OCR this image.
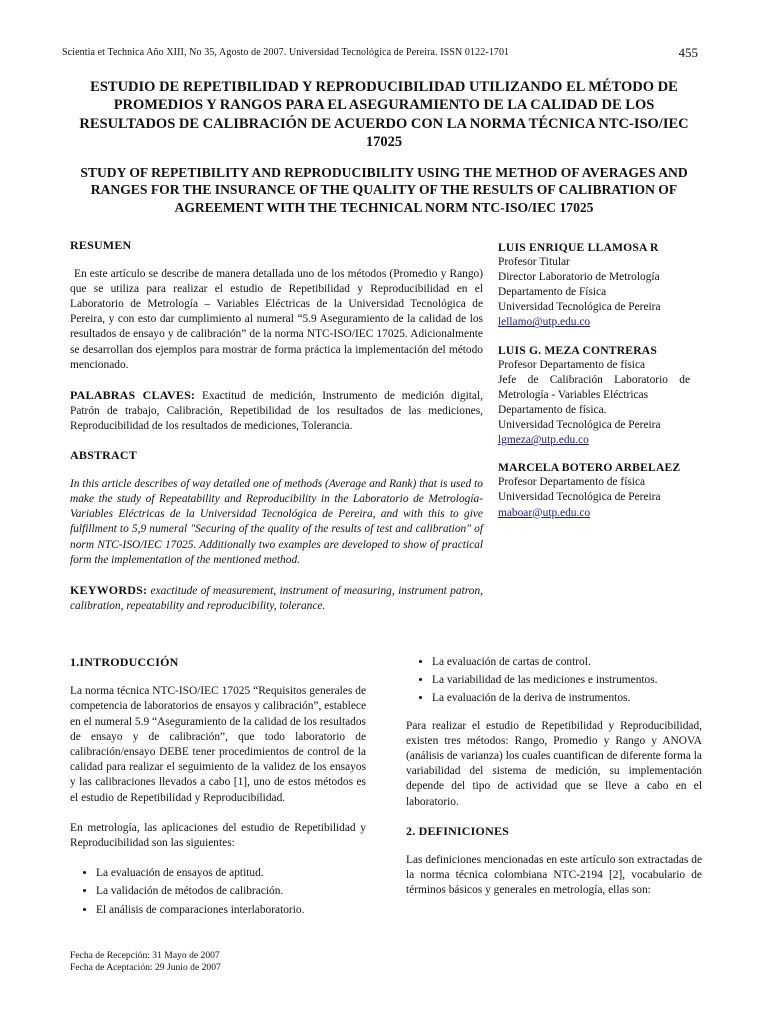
Scientia et Technica Año XIII, No 35, Agosto de 2007. Universidad Tecnológica de Pereira. ISSN 0122-1701	455
ESTUDIO DE REPETIBILIDAD Y REPRODUCIBILIDAD UTILIZANDO EL MÉTODO DE PROMEDIOS Y RANGOS PARA EL ASEGURAMIENTO DE LA CALIDAD DE LOS RESULTADOS DE CALIBRACIÓN DE ACUERDO CON LA NORMA TÉCNICA NTC-ISO/IEC 17025
STUDY OF REPETIBILITY AND REPRODUCIBILITY USING THE METHOD OF AVERAGES AND RANGES FOR THE INSURANCE OF THE QUALITY OF THE RESULTS OF CALIBRATION OF AGREEMENT WITH THE TECHNICAL NORM NTC-ISO/IEC 17025
RESUMEN

En este artículo se describe de manera detallada uno de los métodos (Promedio y Rango) que se utiliza para realizar el estudio de Repetibilidad y Reproducibilidad en el Laboratorio de Metrología – Variables Eléctricas de la Universidad Tecnológica de Pereira, y con esto dar cumplimiento al numeral “5.9 Aseguramiento de la calidad de los resultados de ensayo y de calibración” de la norma NTC-ISO/IEC 17025. Adicionalmente se desarrollan dos ejemplos para mostrar de forma práctica la implementación del método mencionado.

PALABRAS CLAVES: Exactitud de medición, Instrumento de medición digital, Patrón de trabajo, Calibración, Repetibilidad de los resultados de las mediciones, Reproducibilidad de los resultados de mediciones, Tolerancia.

ABSTRACT

In this article describes of way detailed one of methods (Average and Rank) that is used to make the study of Repeatability and Reproducibility in the Laboratorio de Metrología-Variables Eléctricas de la Universidad Tecnológica de Pereira, and with this to give fulfillment to 5,9 numeral "Securing of the quality of the results of test and calibration" of norm NTC-ISO/IEC 17025. Additionally two examples are developed to show of practical form the implementation of the mentioned method.

KEYWORDS: exactitude of measurement, instrument of measuring, instrument patron, calibration, repeatability and reproducibility, tolerance.

LUIS ENRIQUE LLAMOSA R
Profesor Titular
Director Laboratorio de Metrología
Departamento de Física
Universidad Tecnológica de Pereira
lellamo@utp.edu.co
LUIS G. MEZA CONTRERAS
Profesor Departamento de física
Jefe de Calibración Laboratorio de Metrología - Variables Eléctricas
Departamento de física.
Universidad Tecnológica de Pereira
lgmeza@utp.edu.co
MARCELA BOTERO ARBELAEZ
Profesor Departamento de física
Universidad Tecnológica de Pereira
maboar@utp.edu.co
1.INTRODUCCIÓN

La norma técnica NTC-ISO/IEC 17025 “Requisitos generales de competencia de laboratorios de ensayos y calibración”, establece en el numeral 5.9 “Aseguramiento de la calidad de los resultados de ensayo y de calibración”, que todo laboratorio de calibración/ensayo DEBE tener procedimientos de control de la calidad para realizar el seguimiento de la validez de los ensayos y las calibraciones llevados a cabo [1], uno de estos métodos es el estudio de Repetibilidad y Reproducibilidad.

En metrología, las aplicaciones del estudio de Repetibilidad y Reproducibilidad son las siguientes:

• La evaluación de ensayos de aptitud.
• La validación de métodos de calibración.
• El análisis de comparaciones interlaboratorio.
• La evaluación de cartas de control.
• La variabilidad de las mediciones e instrumentos.
• La evaluación de la deriva de instrumentos.

Para realizar el estudio de Repetibilidad y Reproducibilidad, existen tres métodos: Rango, Promedio y Rango y ANOVA (análisis de varianza) los cuales cuantifican de diferente forma la variabilidad del sistema de medición, su implementación depende del tipo de actividad que se lleve a cabo en el laboratorio.

2. DEFINICIONES

Las definiciones mencionadas en este artículo son extractadas de la norma técnica colombiana NTC-2194 [2], vocabulario de términos básicos y generales en metrología, ellas son:

Fecha de Recepción: 31 Mayo de 2007
Fecha de Aceptación: 29 Junio de 2007
